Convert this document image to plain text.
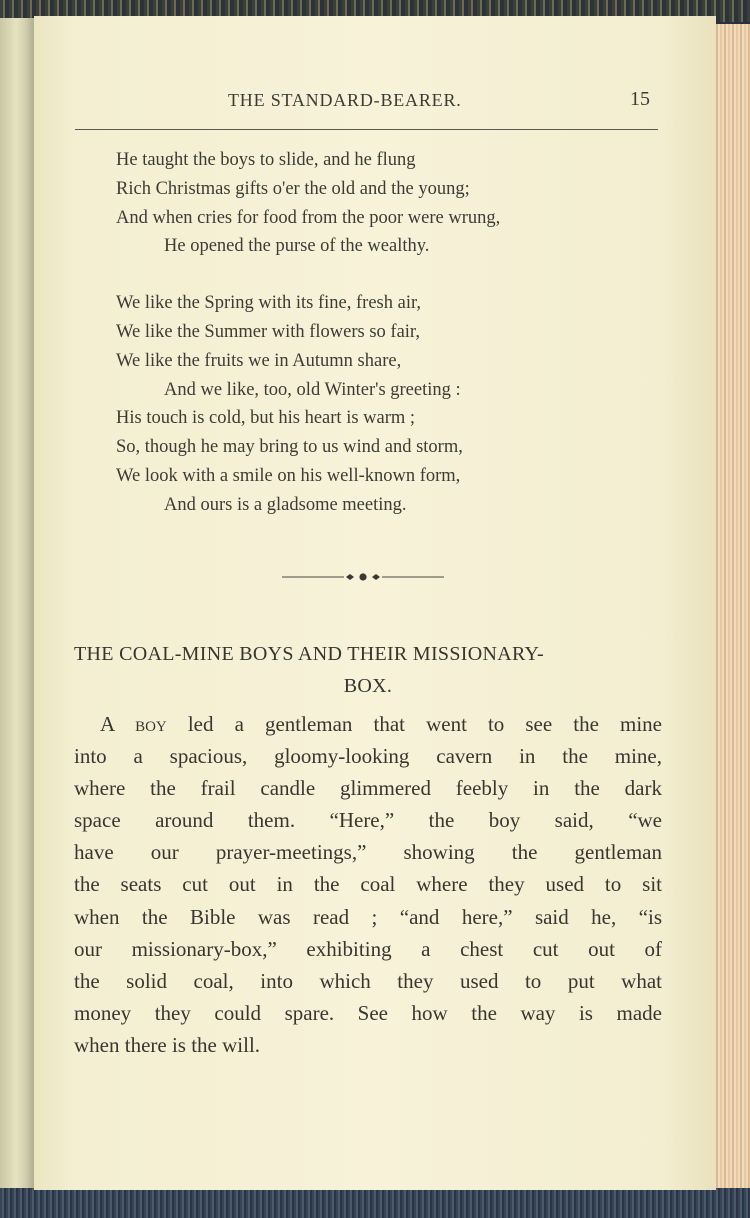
THE STANDARD-BEARER.	15
He taught the boys to slide, and he flung
Rich Christmas gifts o'er the old and the young;
And when cries for food from the poor were wrung,
He opened the purse of the wealthy.
We like the Spring with its fine, fresh air,
We like the Summer with flowers so fair,
We like the fruits we in Autumn share,
And we like, too, old Winter's greeting :
His touch is cold, but his heart is warm ;
So, though he may bring to us wind and storm,
We look with a smile on his well-known form,
And ours is a gladsome meeting.
THE COAL-MINE BOYS AND THEIR MISSIONARY-
BOX.
A boy led a gentleman that went to see the mine
into a spacious, gloomy-looking cavern in the mine,
where the frail candle glimmered feebly in the dark
space around them. “Here,” the boy said, “we
have our prayer-meetings,” showing the gentleman
the seats cut out in the coal where they used to sit
when the Bible was read ; “and here,” said he, “is
our missionary-box,” exhibiting a chest cut out of
the solid coal, into which they used to put what
money they could spare. See how the way is made
when there is the will.
